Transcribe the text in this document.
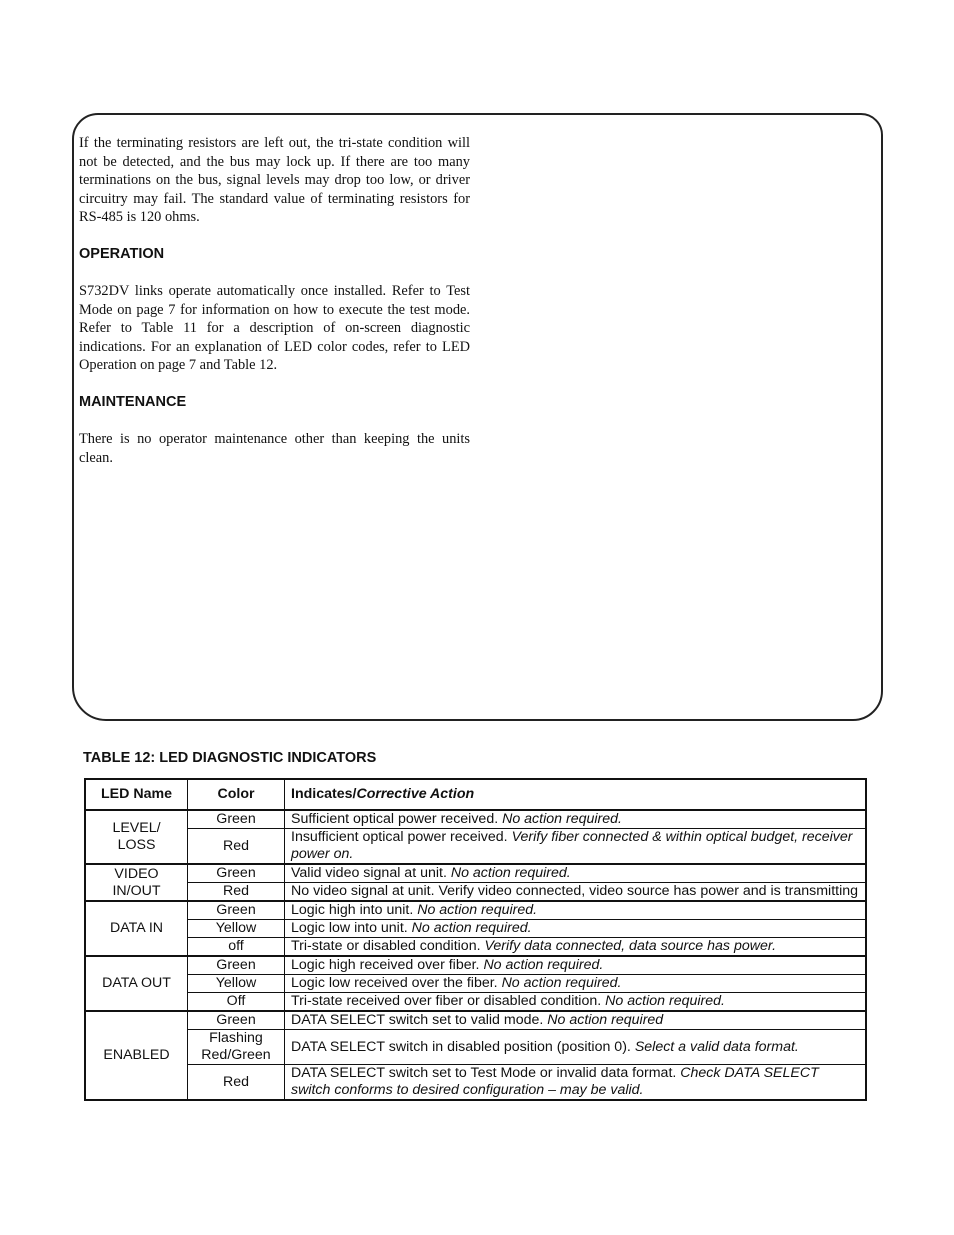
If the terminating resistors are left out, the tri-state condition will not be detected, and the bus may lock up. If there are too many terminations on the bus, signal levels may drop too low, or driver circuitry may fail. The standard value of terminating resistors for RS-485 is 120 ohms.

OPERATION

S732DV links operate automatically once installed. Refer to Test Mode on page 7 for information on how to execute the test mode. Refer to Table 11 for a description of on-screen diagnostic indications. For an explanation of LED color codes, refer to LED Operation on page 7 and Table 12.

MAINTENANCE

There is no operator maintenance other than keeping the units clean.

TABLE 12: LED DIAGNOSTIC INDICATORS
LED Name	Color	Indicates/Corrective Action
LEVEL/ LOSS	Green	Sufficient optical power received. No action required.
	Red	Insufficient optical power received. Verify fiber connected & within optical budget, receiver power on.
VIDEO IN/OUT	Green	Valid video signal at unit. No action required.
	Red	No video signal at unit. Verify video connected, video source has power and is transmitting
DATA IN	Green	Logic high into unit. No action required.
	Yellow	Logic low into unit. No action required.
	off	Tri-state or disabled condition. Verify data connected, data source has power.
DATA OUT	Green	Logic high received over fiber. No action required.
	Yellow	Logic low received over the fiber. No action required.
	Off	Tri-state received over fiber or disabled condition. No action required.
ENABLED	Green	DATA SELECT switch set to valid mode. No action required
	Flashing Red/Green	DATA SELECT switch in disabled position (position 0). Select a valid data format.
	Red	DATA SELECT switch set to Test Mode or invalid data format. Check DATA SELECT switch conforms to desired configuration – may be valid.
